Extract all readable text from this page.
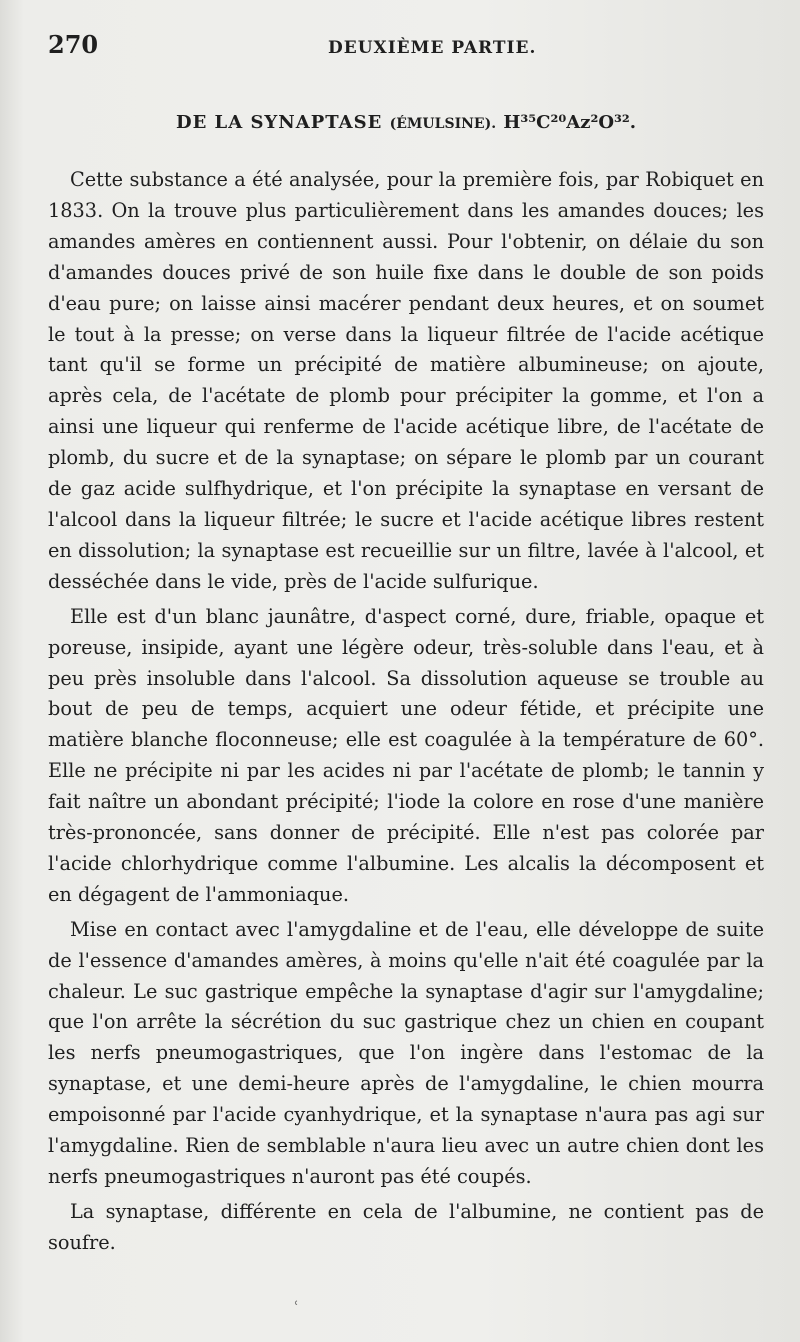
270	DEUXIÈME PARTIE.
DE LA SYNAPTASE (ÉMULSINE). H³⁵C²⁰Az²O³².

Cette substance a été analysée, pour la première fois, par Robiquet en 1833. On la trouve plus particulièrement dans les amandes douces; les amandes amères en contiennent aussi. Pour l'obtenir, on délaie du son d'amandes douces privé de son huile fixe dans le double de son poids d'eau pure; on laisse ainsi macérer pendant deux heures, et on soumet le tout à la presse; on verse dans la liqueur filtrée de l'acide acétique tant qu'il se forme un précipité de matière albumineuse; on ajoute, après cela, de l'acétate de plomb pour précipiter la gomme, et l'on a ainsi une liqueur qui renferme de l'acide acétique libre, de l'acétate de plomb, du sucre et de la synaptase; on sépare le plomb par un courant de gaz acide sulfhydrique, et l'on précipite la synaptase en versant de l'alcool dans la liqueur filtrée; le sucre et l'acide acétique libres restent en dissolution; la synaptase est recueillie sur un filtre, lavée à l'alcool, et desséchée dans le vide, près de l'acide sulfurique.

Elle est d'un blanc jaunâtre, d'aspect corné, dure, friable, opaque et poreuse, insipide, ayant une légère odeur, très-soluble dans l'eau, et à peu près insoluble dans l'alcool. Sa dissolution aqueuse se trouble au bout de peu de temps, acquiert une odeur fétide, et précipite une matière blanche floconneuse; elle est coagulée à la température de 60°. Elle ne précipite ni par les acides ni par l'acétate de plomb; le tannin y fait naître un abondant précipité; l'iode la colore en rose d'une manière très-prononcée, sans donner de précipité. Elle n'est pas colorée par l'acide chlorhydrique comme l'albumine. Les alcalis la décomposent et en dégagent de l'ammoniaque.

Mise en contact avec l'amygdaline et de l'eau, elle développe de suite de l'essence d'amandes amères, à moins qu'elle n'ait été coagulée par la chaleur. Le suc gastrique empêche la synaptase d'agir sur l'amygdaline; que l'on arrête la sécrétion du suc gastrique chez un chien en coupant les nerfs pneumogastriques, que l'on ingère dans l'estomac de la synaptase, et une demi-heure après de l'amygdaline, le chien mourra empoisonné par l'acide cyanhydrique, et la synaptase n'aura pas agi sur l'amygdaline. Rien de semblable n'aura lieu avec un autre chien dont les nerfs pneumogastriques n'auront pas été coupés.

La synaptase, différente en cela de l'albumine, ne contient pas de soufre.

ʿ
